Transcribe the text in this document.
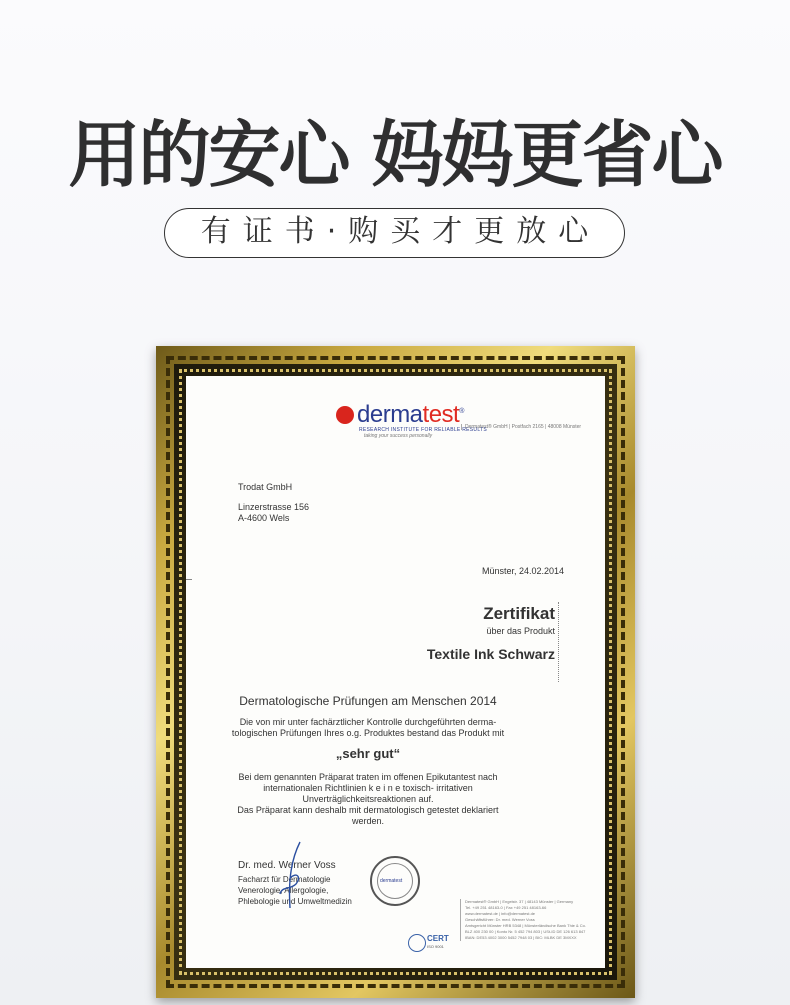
用的安心 妈妈更省心
有证书·购买才更放心
dermatest®
RESEARCH INSTITUTE FOR RELIABLE RESULTS
taking your success personally
Dermatest® GmbH | Postfach 2165 | 48008 Münster
Trodat GmbH
Linzerstrasse 156
A-4600 Wels
Münster, 24.02.2014
Zertifikat
über das Produkt
Textile Ink Schwarz
Dermatologische Prüfungen am Menschen 2014
Die von mir unter fachärztlicher Kontrolle durchgeführten derma-
tologischen Prüfungen Ihres o.g. Produktes bestand das Produkt mit
„sehr gut“
Bei dem genannten Präparat traten im offenen Epikutantest nach
internationalen Richtlinien k e i n e toxisch- irritativen
Unverträglichkeitsreaktionen auf.
Das Präparat kann deshalb mit dermatologisch getestet deklariert
werden.
Dr. med. Werner Voss
Facharzt für Dermatologie
Venerologie, Allergologie,
Phlebologie und Umweltmedizin
dermatest
Dermatest® GmbH | Engelstr. 37 | 48143 Münster | Germany
Tel. +49 251 48163-0 | Fax +49 251 48163-66
www.dermatest.de | info@dermatest.de
Geschäftsführer: Dr. med. Werner Voss
Amtsgericht Münster HRB 5348 | Münsterländische Bank Thie & Co.
BLZ 400 230 00 | Konto Nr. 5 452 794 803 | USt-ID DE 126 613 847
IBAN: DE53 4002 3000 5452 7948 03 | BIC: MLBK DE 3MXXX
CERT
ISO 9001
